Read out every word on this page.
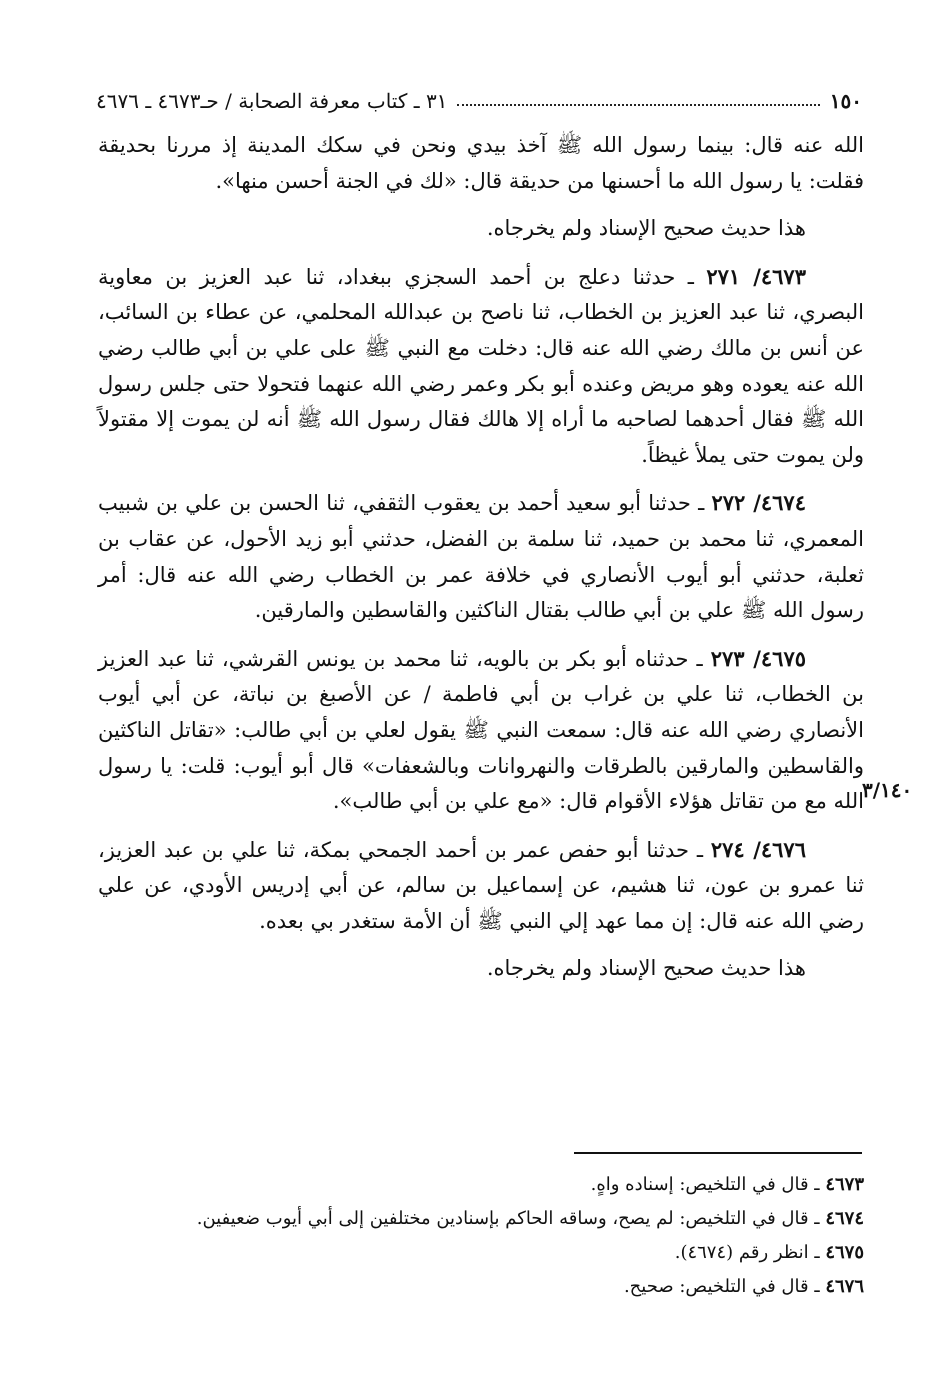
١٥٠
٣١ ـ كتاب معرفة الصحابة / حـ٤٦٧٣ ـ ٤٦٧٦
٣/١٤٠

الله عنه قال: بينما رسول الله ﷺ آخذ بيدي ونحن في سكك المدينة إذ مررنا بحديقة فقلت: يا رسول الله ما أحسنها من حديقة قال: «لك في الجنة أحسن منها».

هذا حديث صحيح الإسناد ولم يخرجاه.

٤٦٧٣/ ٢٧١ ـ حدثنا دعلج بن أحمد السجزي ببغداد، ثنا عبد العزيز بن معاوية البصري، ثنا عبد العزيز بن الخطاب، ثنا ناصح بن عبدالله المحلمي، عن عطاء بن السائب، عن أنس بن مالك رضي الله عنه قال: دخلت مع النبي ﷺ على علي بن أبي طالب رضي الله عنه يعوده وهو مريض وعنده أبو بكر وعمر رضي الله عنهما فتحولا حتى جلس رسول الله ﷺ فقال أحدهما لصاحبه ما أراه إلا هالك فقال رسول الله ﷺ أنه لن يموت إلا مقتولاً ولن يموت حتى يملأ غيظاً.

٤٦٧٤/ ٢٧٢ ـ حدثنا أبو سعيد أحمد بن يعقوب الثقفي، ثنا الحسن بن علي بن شبيب المعمري، ثنا محمد بن حميد، ثنا سلمة بن الفضل، حدثني أبو زيد الأحول، عن عقاب بن ثعلبة، حدثني أبو أيوب الأنصاري في خلافة عمر بن الخطاب رضي الله عنه قال: أمر رسول الله ﷺ علي بن أبي طالب بقتال الناكثين والقاسطين والمارقين.

٤٦٧٥/ ٢٧٣ ـ حدثناه أبو بكر بن بالويه، ثنا محمد بن يونس القرشي، ثنا عبد العزيز بن الخطاب، ثنا علي بن غراب بن أبي فاطمة / عن الأصبغ بن نباتة، عن أبي أيوب الأنصاري رضي الله عنه قال: سمعت النبي ﷺ يقول لعلي بن أبي طالب: «تقاتل الناكثين والقاسطين والمارقين بالطرقات والنهروانات وبالشعفات» قال أبو أيوب: قلت: يا رسول الله مع من تقاتل هؤلاء الأقوام قال: «مع علي بن أبي طالب».

٤٦٧٦/ ٢٧٤ ـ حدثنا أبو حفص عمر بن أحمد الجمحي بمكة، ثنا علي بن عبد العزيز، ثنا عمرو بن عون، ثنا هشيم، عن إسماعيل بن سالم، عن أبي إدريس الأودي، عن علي رضي الله عنه قال: إن مما عهد إلي النبي ﷺ أن الأمة ستغدر بي بعده.

هذا حديث صحيح الإسناد ولم يخرجاه.

٤٦٧٣ ـ قال في التلخيص: إسناده واهٍ.

٤٦٧٤ ـ قال في التلخيص: لم يصح، وساقه الحاكم بإسنادين مختلفين إلى أبي أيوب ضعيفين.

٤٦٧٥ ـ انظر رقم (٤٦٧٤).

٤٦٧٦ ـ قال في التلخيص: صحيح.
